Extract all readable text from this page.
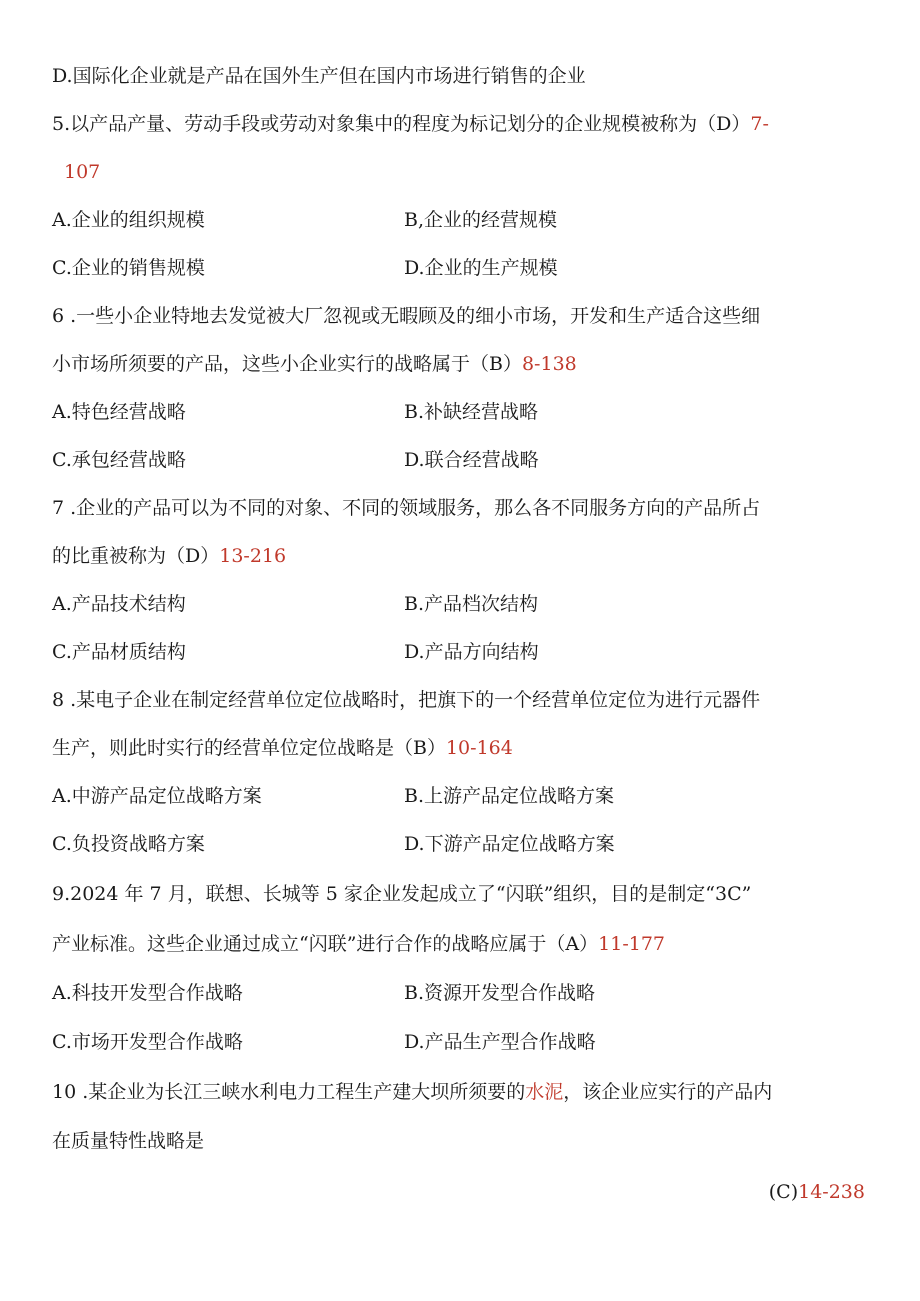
D.国际化企业就是产品在国外生产但在国内市场进行销售的企业
5.以产品产量、劳动手段或劳动对象集中的程度为标记划分的企业规模被称为（D）7-
107
A.企业的组织规模	B,企业的经营规模
C.企业的销售规模	D.企业的生产规模
6 .一些小企业特地去发觉被大厂忽视或无暇顾及的细小市场，开发和生产适合这些细
小市场所须要的产品，这些小企业实行的战略属于（B）8-138
A.特色经营战略	B.补缺经营战略
C.承包经营战略	D.联合经营战略
7 .企业的产品可以为不同的对象、不同的领域服务，那么各不同服务方向的产品所占
的比重被称为（D）13-216
A.产品技术结构	B.产品档次结构
C.产品材质结构	D.产品方向结构
8 .某电子企业在制定经营单位定位战略时，把旗下的一个经营单位定位为进行元器件
生产，则此时实行的经营单位定位战略是（B）10-164
A.中游产品定位战略方案	B.上游产品定位战略方案
C.负投资战略方案	D.下游产品定位战略方案
9.2024 年 7 月，联想、长城等 5 家企业发起成立了“闪联”组织，目的是制定“3C”
产业标准。这些企业通过成立“闪联”进行合作的战略应属于（A）11-177
A.科技开发型合作战略	B.资源开发型合作战略
C.市场开发型合作战略	D.产品生产型合作战略
10 .某企业为长江三峡水利电力工程生产建大坝所须要的水泥，该企业应实行的产品内
在质量特性战略是
(C)14-238
